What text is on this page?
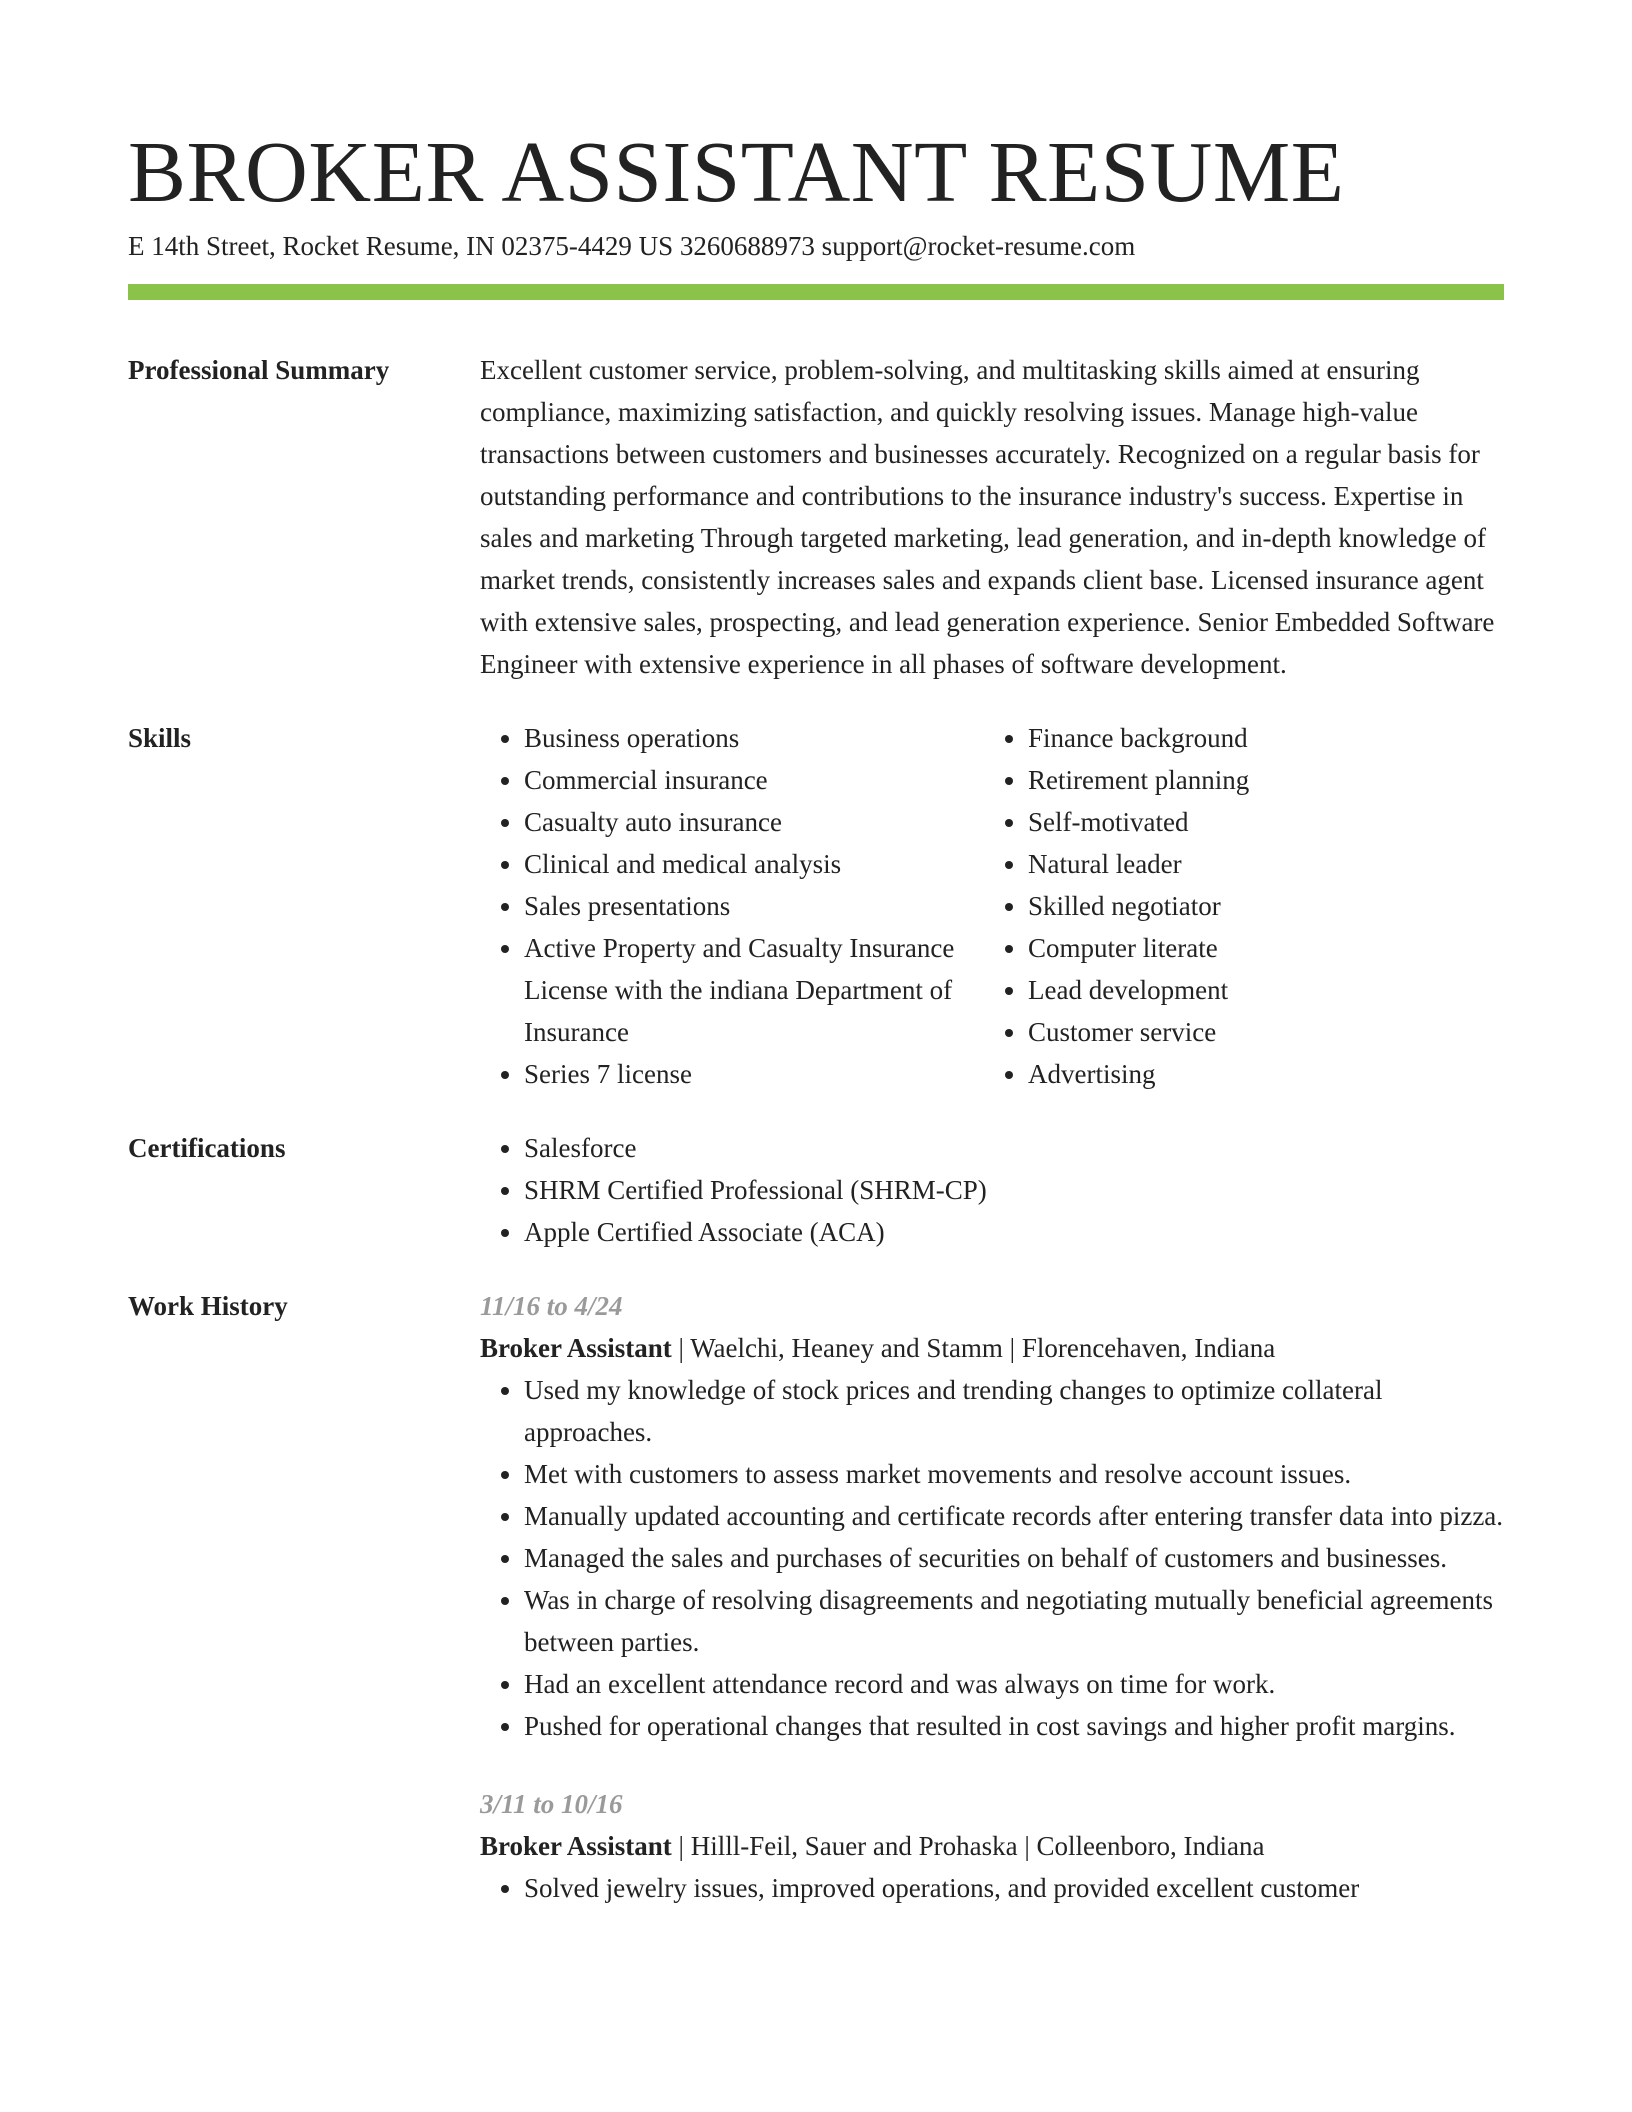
BROKER ASSISTANT RESUME
E 14th Street, Rocket Resume, IN 02375-4429 US 3260688973 support@rocket-resume.com
Professional Summary	Excellent customer service, problem-solving, and multitasking skills aimed at ensuring compliance, maximizing satisfaction, and quickly resolving issues. Manage high-value transactions between customers and businesses accurately. Recognized on a regular basis for outstanding performance and contributions to the insurance industry's success. Expertise in sales and marketing Through targeted marketing, lead generation, and in-depth knowledge of market trends, consistently increases sales and expands client base. Licensed insurance agent with extensive sales, prospecting, and lead generation experience. Senior Embedded Software Engineer with extensive experience in all phases of software development.
Skills	• Business operations
• Commercial insurance
• Casualty auto insurance
• Clinical and medical analysis
• Sales presentations
• Active Property and Casualty Insurance License with the indiana Department of Insurance
• Series 7 license
• Finance background
• Retirement planning
• Self-motivated
• Natural leader
• Skilled negotiator
• Computer literate
• Lead development
• Customer service
• Advertising
Certifications	• Salesforce
• SHRM Certified Professional (SHRM-CP)
• Apple Certified Associate (ACA)
Work History	11/16 to 4/24
Broker Assistant | Waelchi, Heaney and Stamm | Florencehaven, Indiana
• Used my knowledge of stock prices and trending changes to optimize collateral approaches.
• Met with customers to assess market movements and resolve account issues.
• Manually updated accounting and certificate records after entering transfer data into pizza.
• Managed the sales and purchases of securities on behalf of customers and businesses.
• Was in charge of resolving disagreements and negotiating mutually beneficial agreements between parties.
• Had an excellent attendance record and was always on time for work.
• Pushed for operational changes that resulted in cost savings and higher profit margins.
3/11 to 10/16
Broker Assistant | Hilll-Feil, Sauer and Prohaska | Colleenboro, Indiana
• Solved jewelry issues, improved operations, and provided excellent customer
